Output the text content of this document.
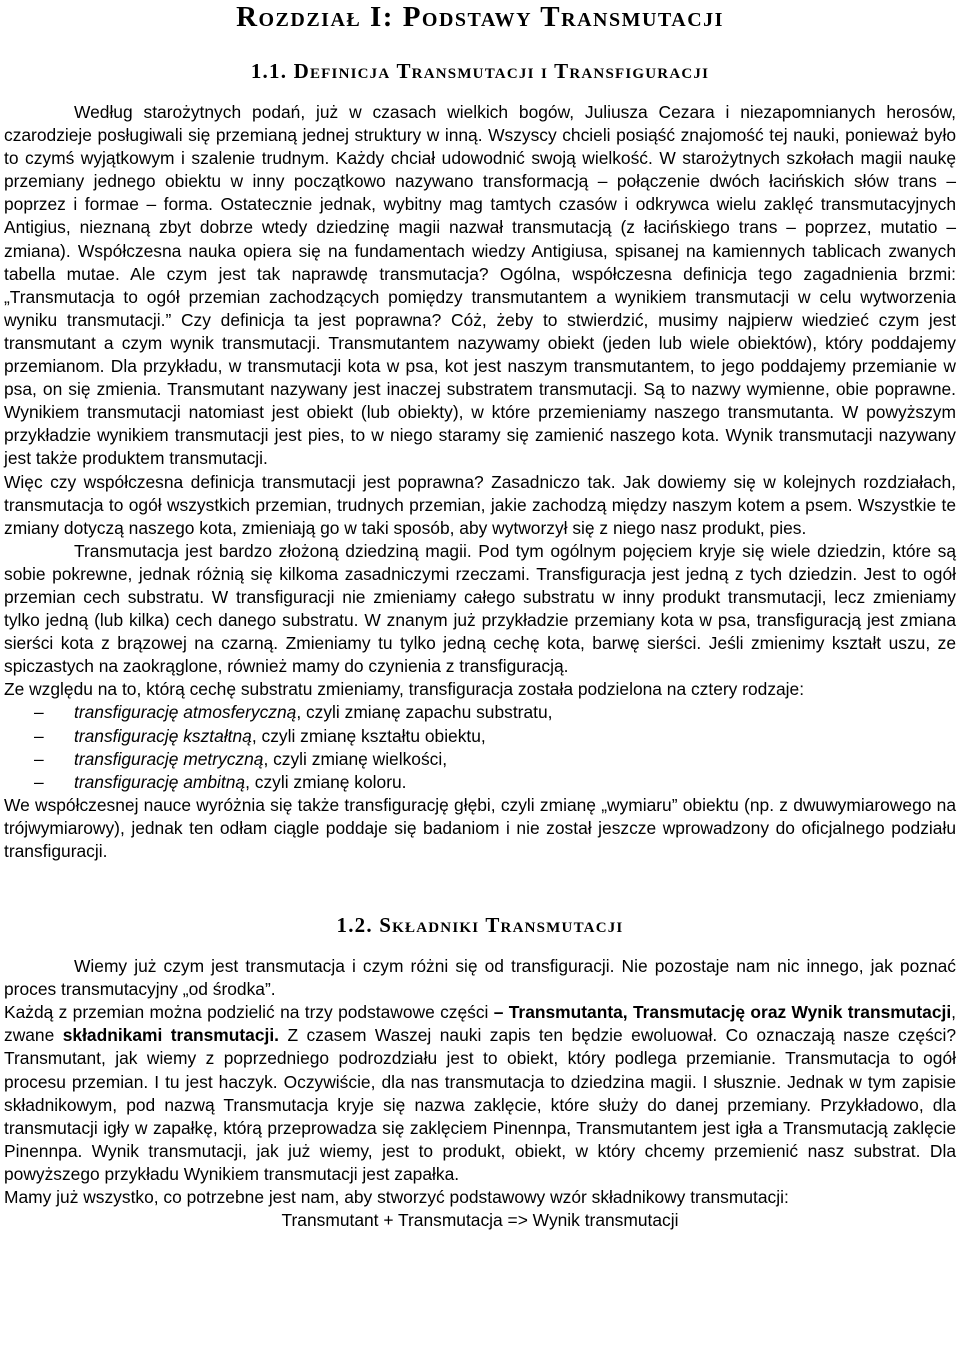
Rozdział I: Podstawy Transmutacji
1.1. Definicja Transmutacji i Transfiguracji

Według starożytnych podań, już w czasach wielkich bogów, Juliusza Cezara i niezapomnianych herosów, czarodzieje posługiwali się przemianą jednej struktury w inną. Wszyscy chcieli posiąść znajomość tej nauki, ponieważ było to czymś wyjątkowym i szalenie trudnym. Każdy chciał udowodnić swoją wielkość. W starożytnych szkołach magii naukę przemiany jednego obiektu w inny początkowo nazywano transformacją – połączenie dwóch łacińskich słów trans – poprzez i formae – forma. Ostatecznie jednak, wybitny mag tamtych czasów i odkrywca wielu zaklęć transmutacyjnych Antigius, nieznaną zbyt dobrze wtedy dziedzinę magii nazwał transmutacją (z łacińskiego trans – poprzez, mutatio – zmiana). Współczesna nauka opiera się na fundamentach wiedzy Antigiusa, spisanej na kamiennych tablicach zwanych tabella mutae. Ale czym jest tak naprawdę transmutacja? Ogólna, współczesna definicja tego zagadnienia brzmi: „Transmutacja to ogół przemian zachodzących pomiędzy transmutantem a wynikiem transmutacji w celu wytworzenia wyniku transmutacji.” Czy definicja ta jest poprawna? Cóż, żeby to stwierdzić, musimy najpierw wiedzieć czym jest transmutant a czym wynik transmutacji. Transmutantem nazywamy obiekt (jeden lub wiele obiektów), który poddajemy przemianom. Dla przykładu, w transmutacji kota w psa, kot jest naszym transmutantem, to jego poddajemy przemianie w psa, on się zmienia. Transmutant nazywany jest inaczej substratem transmutacji. Są to nazwy wymienne, obie poprawne. Wynikiem transmutacji natomiast jest obiekt (lub obiekty), w które przemieniamy naszego transmutanta. W powyższym przykładzie wynikiem transmutacji jest pies, to w niego staramy się zamienić naszego kota. Wynik transmutacji nazywany jest także produktem transmutacji.

Więc czy współczesna definicja transmutacji jest poprawna? Zasadniczo tak. Jak dowiemy się w kolejnych rozdziałach, transmutacja to ogół wszystkich przemian, trudnych przemian, jakie zachodzą między naszym kotem a psem. Wszystkie te zmiany dotyczą naszego kota, zmieniają go w taki sposób, aby wytworzył się z niego nasz produkt, pies.

Transmutacja jest bardzo złożoną dziedziną magii. Pod tym ogólnym pojęciem kryje się wiele dziedzin, które są sobie pokrewne, jednak różnią się kilkoma zasadniczymi rzeczami. Transfiguracja jest jedną z tych dziedzin. Jest to ogół przemian cech substratu. W transfiguracji nie zmieniamy całego substratu w inny produkt transmutacji, lecz zmieniamy tylko jedną (lub kilka) cech danego substratu. W znanym już przykładzie przemiany kota w psa, transfiguracją jest zmiana sierści kota z brązowej na czarną. Zmieniamy tu tylko jedną cechę kota, barwę sierści. Jeśli zmienimy kształt uszu, ze spiczastych na zaokrąglone, również mamy do czynienia z transfiguracją.

Ze względu na to, którą cechę substratu zmieniamy, transfiguracja została podzielona na cztery rodzaje:

– transfigurację atmosferyczną, czyli zmianę zapachu substratu,
– transfigurację kształtną, czyli zmianę kształtu obiektu,
– transfigurację metryczną, czyli zmianę wielkości,
– transfigurację ambitną, czyli zmianę koloru.

We współczesnej nauce wyróżnia się także transfigurację głębi, czyli zmianę „wymiaru” obiektu (np. z dwuwymiarowego na trójwymiarowy), jednak ten odłam ciągle poddaje się badaniom i nie został jeszcze wprowadzony do oficjalnego podziału transfiguracji.

1.2. Składniki Transmutacji

Wiemy już czym jest transmutacja i czym różni się od transfiguracji. Nie pozostaje nam nic innego, jak poznać proces transmutacyjny „od środka”.

Każdą z przemian można podzielić na trzy podstawowe części – Transmutanta, Transmutację oraz Wynik transmutacji, zwane składnikami transmutacji. Z czasem Waszej nauki zapis ten będzie ewoluował. Co oznaczają nasze części? Transmutant, jak wiemy z poprzedniego podrozdziału jest to obiekt, który podlega przemianie. Transmutacja to ogół procesu przemian. I tu jest haczyk. Oczywiście, dla nas transmutacja to dziedzina magii. I słusznie. Jednak w tym zapisie składnikowym, pod nazwą Transmutacja kryje się nazwa zaklęcie, które służy do danej przemiany. Przykładowo, dla transmutacji igły w zapałkę, którą przeprowadza się zaklęciem Pinennpa, Transmutantem jest igła a Transmutacją zaklęcie Pinennpa. Wynik transmutacji, jak już wiemy, jest to produkt, obiekt, w który chcemy przemienić nasz substrat. Dla powyższego przykładu Wynikiem transmutacji jest zapałka.

Mamy już wszystko, co potrzebne jest nam, aby stworzyć podstawowy wzór składnikowy transmutacji:

Transmutant + Transmutacja => Wynik transmutacji
